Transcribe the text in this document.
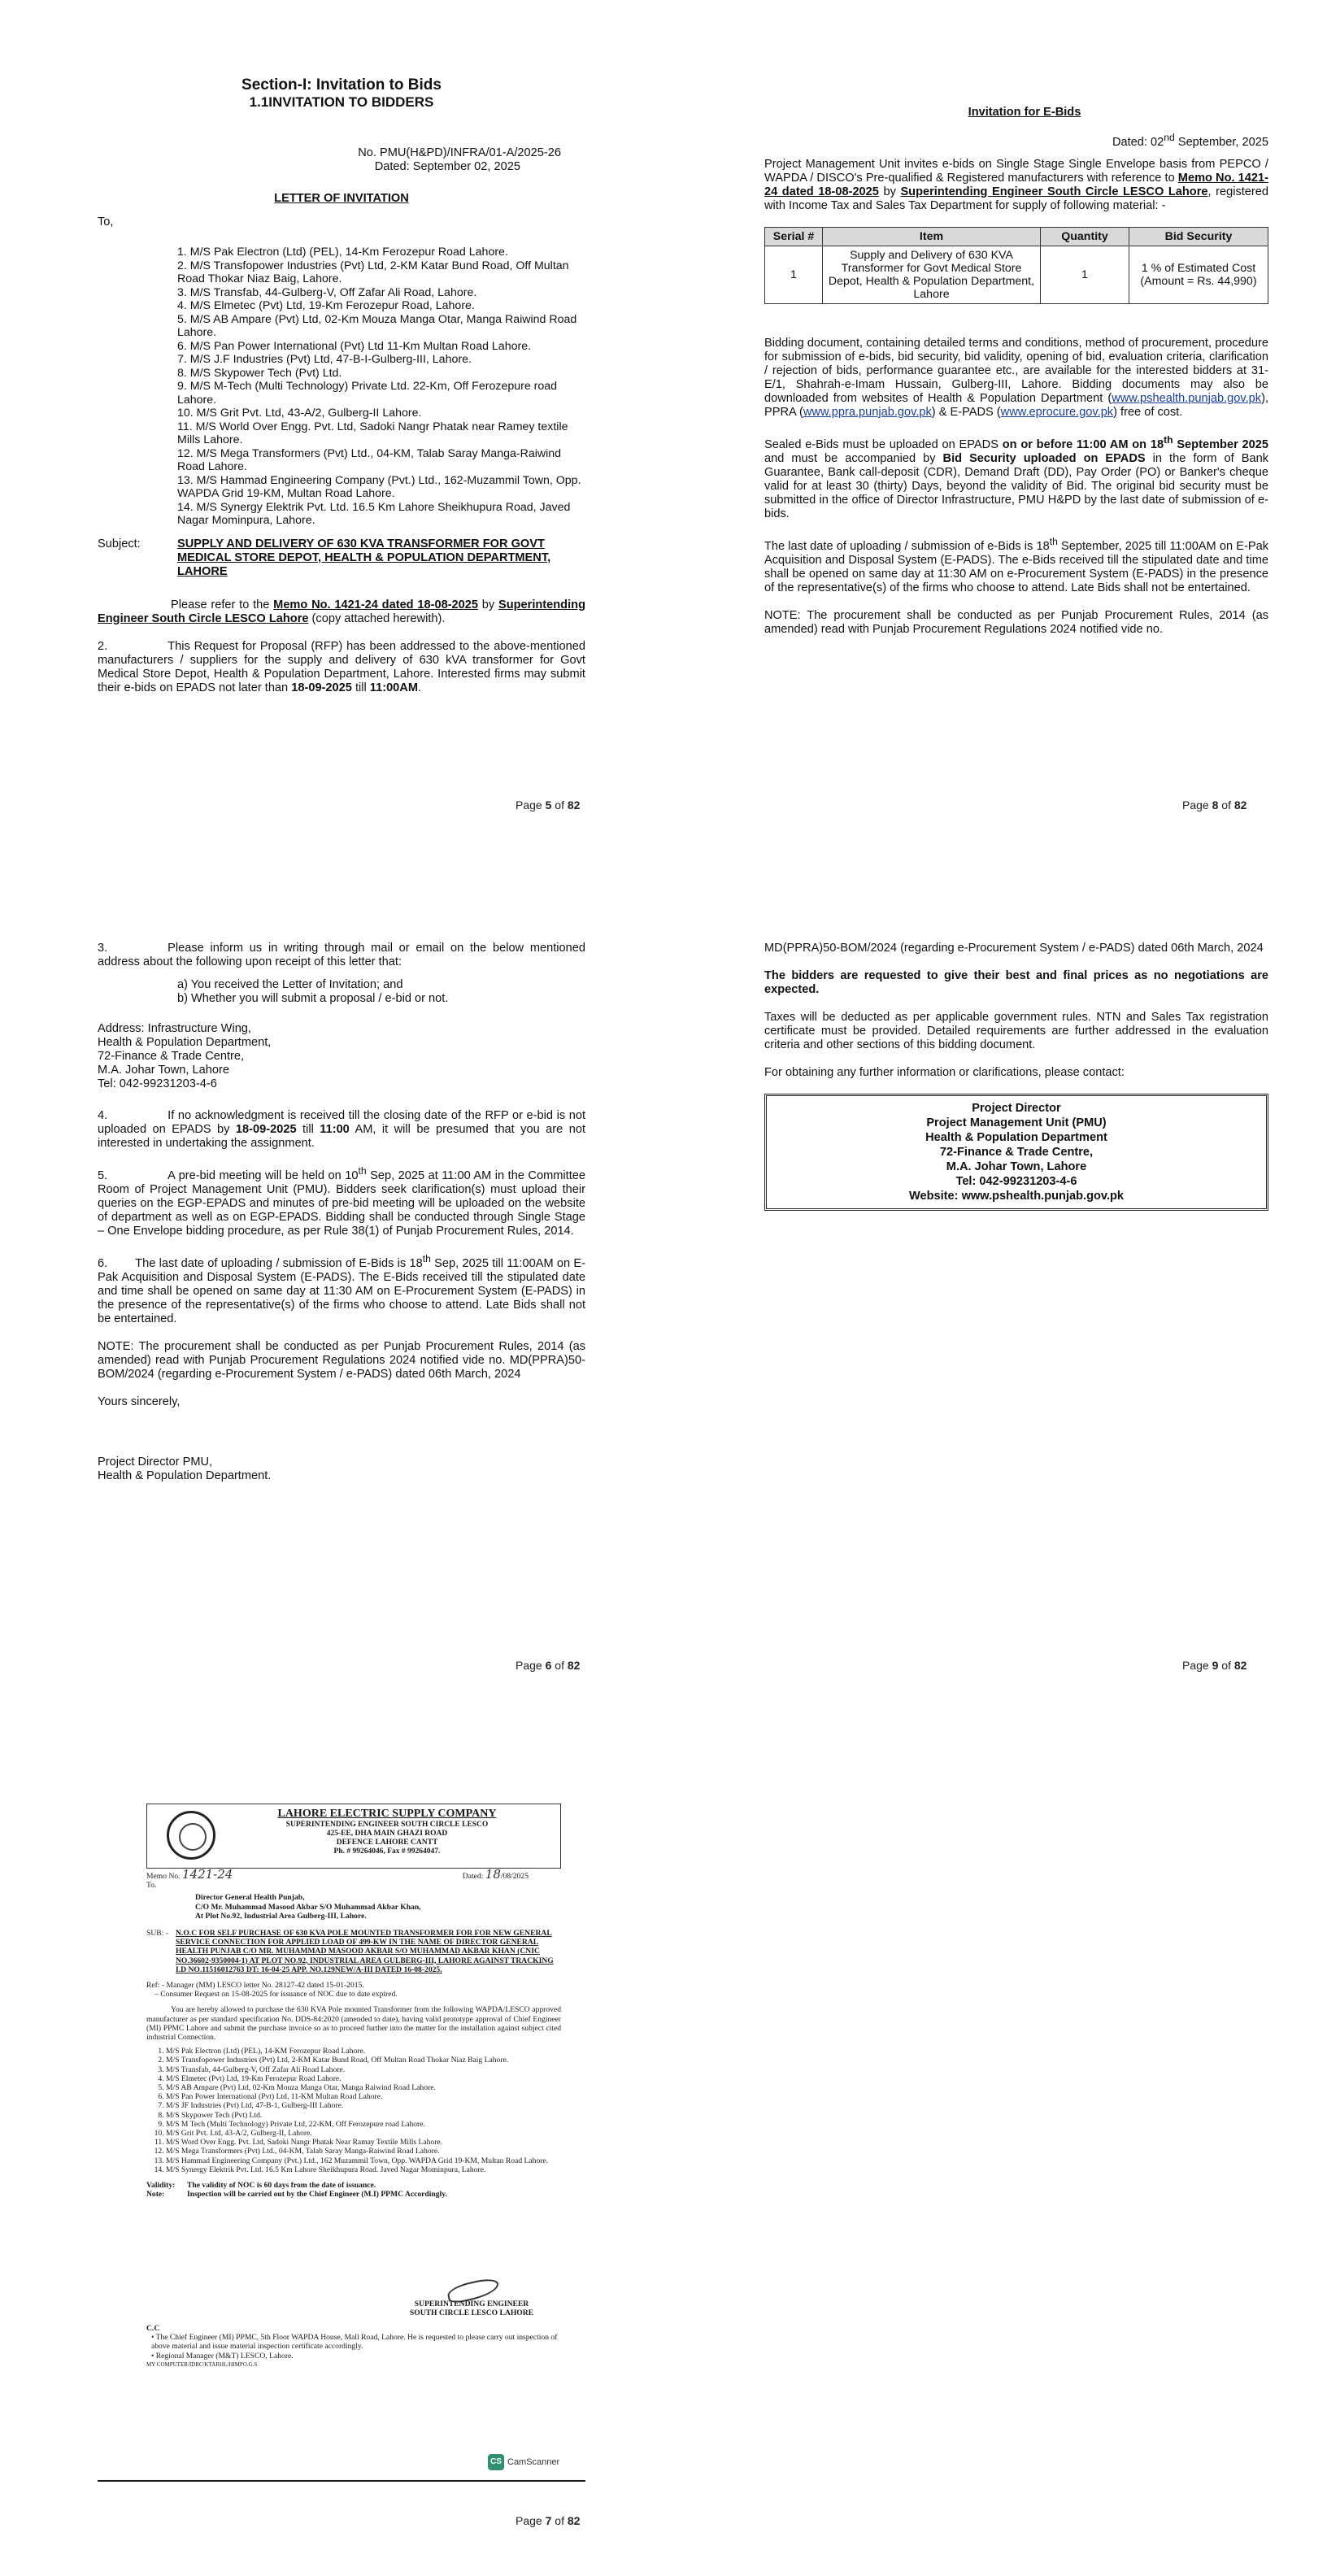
Section-I: Invitation to Bids
1.1INVITATION TO BIDDERS
No. PMU(H&PD)/INFRA/01-A/2025-26
Dated: September 02, 2025
LETTER OF INVITATION
To,
1. M/S Pak Electron (Ltd) (PEL), 14-Km Ferozepur Road Lahore.
2. M/S Transfopower Industries (Pvt) Ltd, 2-KM Katar Bund Road, Off Multan Road Thokar Niaz Baig, Lahore.
3. M/S Transfab, 44-Gulberg-V, Off Zafar Ali Road, Lahore.
4. M/S Elmetec (Pvt) Ltd, 19-Km Ferozepur Road, Lahore.
5. M/S AB Ampare (Pvt) Ltd, 02-Km Mouza Manga Otar, Manga Raiwind Road Lahore.
6. M/S Pan Power International (Pvt) Ltd 11-Km Multan Road Lahore.
7. M/S J.F Industries (Pvt) Ltd, 47-B-I-Gulberg-III, Lahore.
8. M/S Skypower Tech (Pvt) Ltd.
9. M/S M-Tech (Multi Technology) Private Ltd. 22-Km, Off Ferozepure road Lahore.
10. M/S Grit Pvt. Ltd, 43-A/2, Gulberg-II Lahore.
11. M/S World Over Engg. Pvt. Ltd, Sadoki Nangr Phatak near Ramey textile Mills Lahore.
12. M/S Mega Transformers (Pvt) Ltd., 04-KM, Talab Saray Manga-Raiwind Road Lahore.
13. M/S Hammad Engineering Company (Pvt.) Ltd., 162-Muzammil Town, Opp. WAPDA Grid 19-KM, Multan Road Lahore.
14. M/S Synergy Elektrik Pvt. Ltd. 16.5 Km Lahore Sheikhupura Road, Javed Nagar Mominpura, Lahore.
Subject:	SUPPLY AND DELIVERY OF 630 KVA TRANSFORMER FOR GOVT MEDICAL STORE DEPOT, HEALTH & POPULATION DEPARTMENT, LAHORE

Please refer to the Memo No. 1421-24 dated 18-08-2025 by Superintending Engineer South Circle LESCO Lahore (copy attached herewith).

2.	This Request for Proposal (RFP) has been addressed to the above-mentioned manufacturers / suppliers for the supply and delivery of 630 kVA transformer for Govt Medical Store Depot, Health & Population Department, Lahore. Interested firms may submit their e-bids on EPADS not later than 18-09-2025 till 11:00AM.

Page 5 of 82
Invitation for E-Bids
Dated: 02nd September, 2025

Project Management Unit invites e-bids on Single Stage Single Envelope basis from PEPCO / WAPDA / DISCO's Pre-qualified & Registered manufacturers with reference to Memo No. 1421-24 dated 18-08-2025 by Superintending Engineer South Circle LESCO Lahore, registered with Income Tax and Sales Tax Department for supply of following material: -

Serial #	Item	Quantity	Bid Security
1	Supply and Delivery of 630 KVA Transformer for Govt Medical Store Depot, Health & Population Department, Lahore	1	1 % of Estimated Cost (Amount = Rs. 44,990)

Bidding document, containing detailed terms and conditions, method of procurement, procedure for submission of e-bids, bid security, bid validity, opening of bid, evaluation criteria, clarification / rejection of bids, performance guarantee etc., are available for the interested bidders at 31-E/1, Shahrah-e-Imam Hussain, Gulberg-III, Lahore. Bidding documents may also be downloaded from websites of Health & Population Department (www.pshealth.punjab.gov.pk), PPRA (www.ppra.punjab.gov.pk) & E-PADS (www.eprocure.gov.pk) free of cost.

Sealed e-Bids must be uploaded on EPADS on or before 11:00 AM on 18th September 2025 and must be accompanied by Bid Security uploaded on EPADS in the form of Bank Guarantee, Bank call-deposit (CDR), Demand Draft (DD), Pay Order (PO) or Banker's cheque valid for at least 30 (thirty) Days, beyond the validity of Bid. The original bid security must be submitted in the office of Director Infrastructure, PMU H&PD by the last date of submission of e-bids.

The last date of uploading / submission of e-Bids is 18th September, 2025 till 11:00AM on E-Pak Acquisition and Disposal System (E-PADS). The e-Bids received till the stipulated date and time shall be opened on same day at 11:30 AM on e-Procurement System (E-PADS) in the presence of the representative(s) of the firms who choose to attend. Late Bids shall not be entertained.

NOTE: The procurement shall be conducted as per Punjab Procurement Rules, 2014 (as amended) read with Punjab Procurement Regulations 2024 notified vide no.

Page 8 of 82

3.	Please inform us in writing through mail or email on the below mentioned address about the following upon receipt of this letter that:

a) You received the Letter of Invitation; and
b) Whether you will submit a proposal / e-bid or not.
Address: Infrastructure Wing,
Health & Population Department,
72-Finance & Trade Centre,
M.A. Johar Town, Lahore
Tel: 042-99231203-4-6

4.	If no acknowledgment is received till the closing date of the RFP or e-bid is not uploaded on EPADS by 18-09-2025 till 11:00 AM, it will be presumed that you are not interested in undertaking the assignment.

5.	A pre-bid meeting will be held on 10th Sep, 2025 at 11:00 AM in the Committee Room of Project Management Unit (PMU). Bidders seek clarification(s) must upload their queries on the EGP-EPADS and minutes of pre-bid meeting will be uploaded on the website of department as well as on EGP-EPADS. Bidding shall be conducted through Single Stage – One Envelope bidding procedure, as per Rule 38(1) of Punjab Procurement Rules, 2014.

6. The last date of uploading / submission of E-Bids is 18th Sep, 2025 till 11:00AM on E-Pak Acquisition and Disposal System (E-PADS). The E-Bids received till the stipulated date and time shall be opened on same day at 11:30 AM on E-Procurement System (E-PADS) in the presence of the representative(s) of the firms who choose to attend. Late Bids shall not be entertained.

NOTE: The procurement shall be conducted as per Punjab Procurement Rules, 2014 (as amended) read with Punjab Procurement Regulations 2024 notified vide no. MD(PPRA)50-BOM/2024 (regarding e-Procurement System / e-PADS) dated 06th March, 2024

Yours sincerely,

Project Director PMU,
Health & Population Department.
Page 6 of 82

MD(PPRA)50-BOM/2024 (regarding e-Procurement System / e-PADS) dated 06th March, 2024

The bidders are requested to give their best and final prices as no negotiations are expected.

Taxes will be deducted as per applicable government rules. NTN and Sales Tax registration certificate must be provided. Detailed requirements are further addressed in the evaluation criteria and other sections of this bidding document.

For obtaining any further information or clarifications, please contact:

Project Director
Project Management Unit (PMU)
Health & Population Department
72-Finance & Trade Centre,
M.A. Johar Town, Lahore
Tel: 042-99231203-4-6
Website: www.pshealth.punjab.gov.pk
Page 9 of 82
LAHORE ELECTRIC SUPPLY COMPANY
SUPERINTENDING ENGINEER SOUTH CIRCLE LESCO
425-EE, DHA MAIN GHAZI ROAD
DEFENCE LAHORE CANTT
Ph. # 99264046, Fax # 99264047.
Memo No. 1421-24	Dated: 18/08/2025
To.
Director General Health Punjab,
C/O Mr. Muhammad Masood Akbar S/O Muhammad Akbar Khan,
At Plot No.92, Industrial Area Gulberg-III, Lahore.
SUB: - N.O.C FOR SELF PURCHASE OF 630 KVA POLE MOUNTED TRANSFORMER FOR FOR NEW GENERAL SERVICE CONNECTION FOR APPLIED LOAD OF 499-KW IN THE NAME OF DIRECTOR GENERAL HEALTH PUNJAB C/O MR. MUHAMMAD MASOOD AKBAR S/O MUHAMMAD AKBAR KHAN (CNIC NO.36602-9350004-1) AT PLOT NO.92, INDUSTRIAL AREA GULBERG-III, LAHORE AGAINST TRACKING I.D NO.11516012763 DT: 16-04-25 APP. NO.129NEW/A-III DATED 16-08-2025.
Ref: - Manager (MM) LESCO letter No. 28127-42 dated 15-01-2015.
– Consumer Request on 15-08-2025 for issuance of NOC due to date expired.
You are hereby allowed to purchase the 630 KVA Pole mounted Transformer from the following WAPDA/LESCO approved manufacturer as per standard specification No. DDS-84:2020 (amended to date), having valid prototype approval of Chief Engineer (MI) PPMC Lahore and submit the purchase invoice so as to proceed further into the matter for the installation against subject cited industrial Connection.
1. M/S Pak Electron (Ltd) (PEL), 14-KM Ferozepur Road Lahore.
2. M/S Transfopower Industries (Pvt) Ltd, 2-KM Katar Bund Road, Off Multan Road Thokar Niaz Baig Lahore.
3. M/S Transfab, 44-Gulberg-V, Off Zafar Ali Road Lahore.
4. M/S Elmetec (Pvt) Ltd, 19-Km Ferozepur Road Lahore.
5. M/S AB Ampare (Pvt) Ltd, 02-Km Mouza Manga Otar, Manga Raiwind Road Lahore.
6. M/S Pan Power International (Pvt) Ltd, 11-KM Multan Road Lahore.
7. M/S JF Industries (Pvt) Ltd, 47-B-1, Gulberg-III Lahore.
8. M/S Skypower Tech (Pvt) Ltd.
9. M/S M Tech (Multi Technology) Private Ltd, 22-KM, Off Ferozepure road Lahore.
10. M/S Grit Pvt. Ltd, 43-A/2, Gulberg-II, Lahore.
11. M/S Word Over Engg. Pvt. Ltd, Sadoki Nangr Phatak Near Ramay Textile Mills Lahore.
12. M/S Mega Transformers (Pvt) Ltd., 04-KM, Talab Saray Manga-Raiwind Road Lahore.
13. M/S Hammad Engineering Company (Pvt.) Ltd., 162 Muzammil Town, Opp. WAPDA Grid 19-KM, Multan Road Lahore.
14. M/S Synergy Elektrik Pvt. Ltd. 16.5 Km Lahore Sheikhupura Road. Javed Nagar Mominpura, Lahore.
Validity:	The validity of NOC is 60 days from the date of issuance.
Note:	Inspection will be carried out by the Chief Engineer (M.I) PPMC Accordingly.
SUPERINTENDING ENGINEER
SOUTH CIRCLE LESCO LAHORE
C.C
• The Chief Engineer (MI) PPMC, 5th Floor WAPDA House, Mall Road, Lahore. He is requested to please carry out inspection of above material and issue material inspection certificate accordingly.
• Regional Manager (M&T) LESCO, Lahore.
MY COMPUTER/IDRC/KTARHL/HIMPO.G.S
CS CamScanner
Page 7 of 82
